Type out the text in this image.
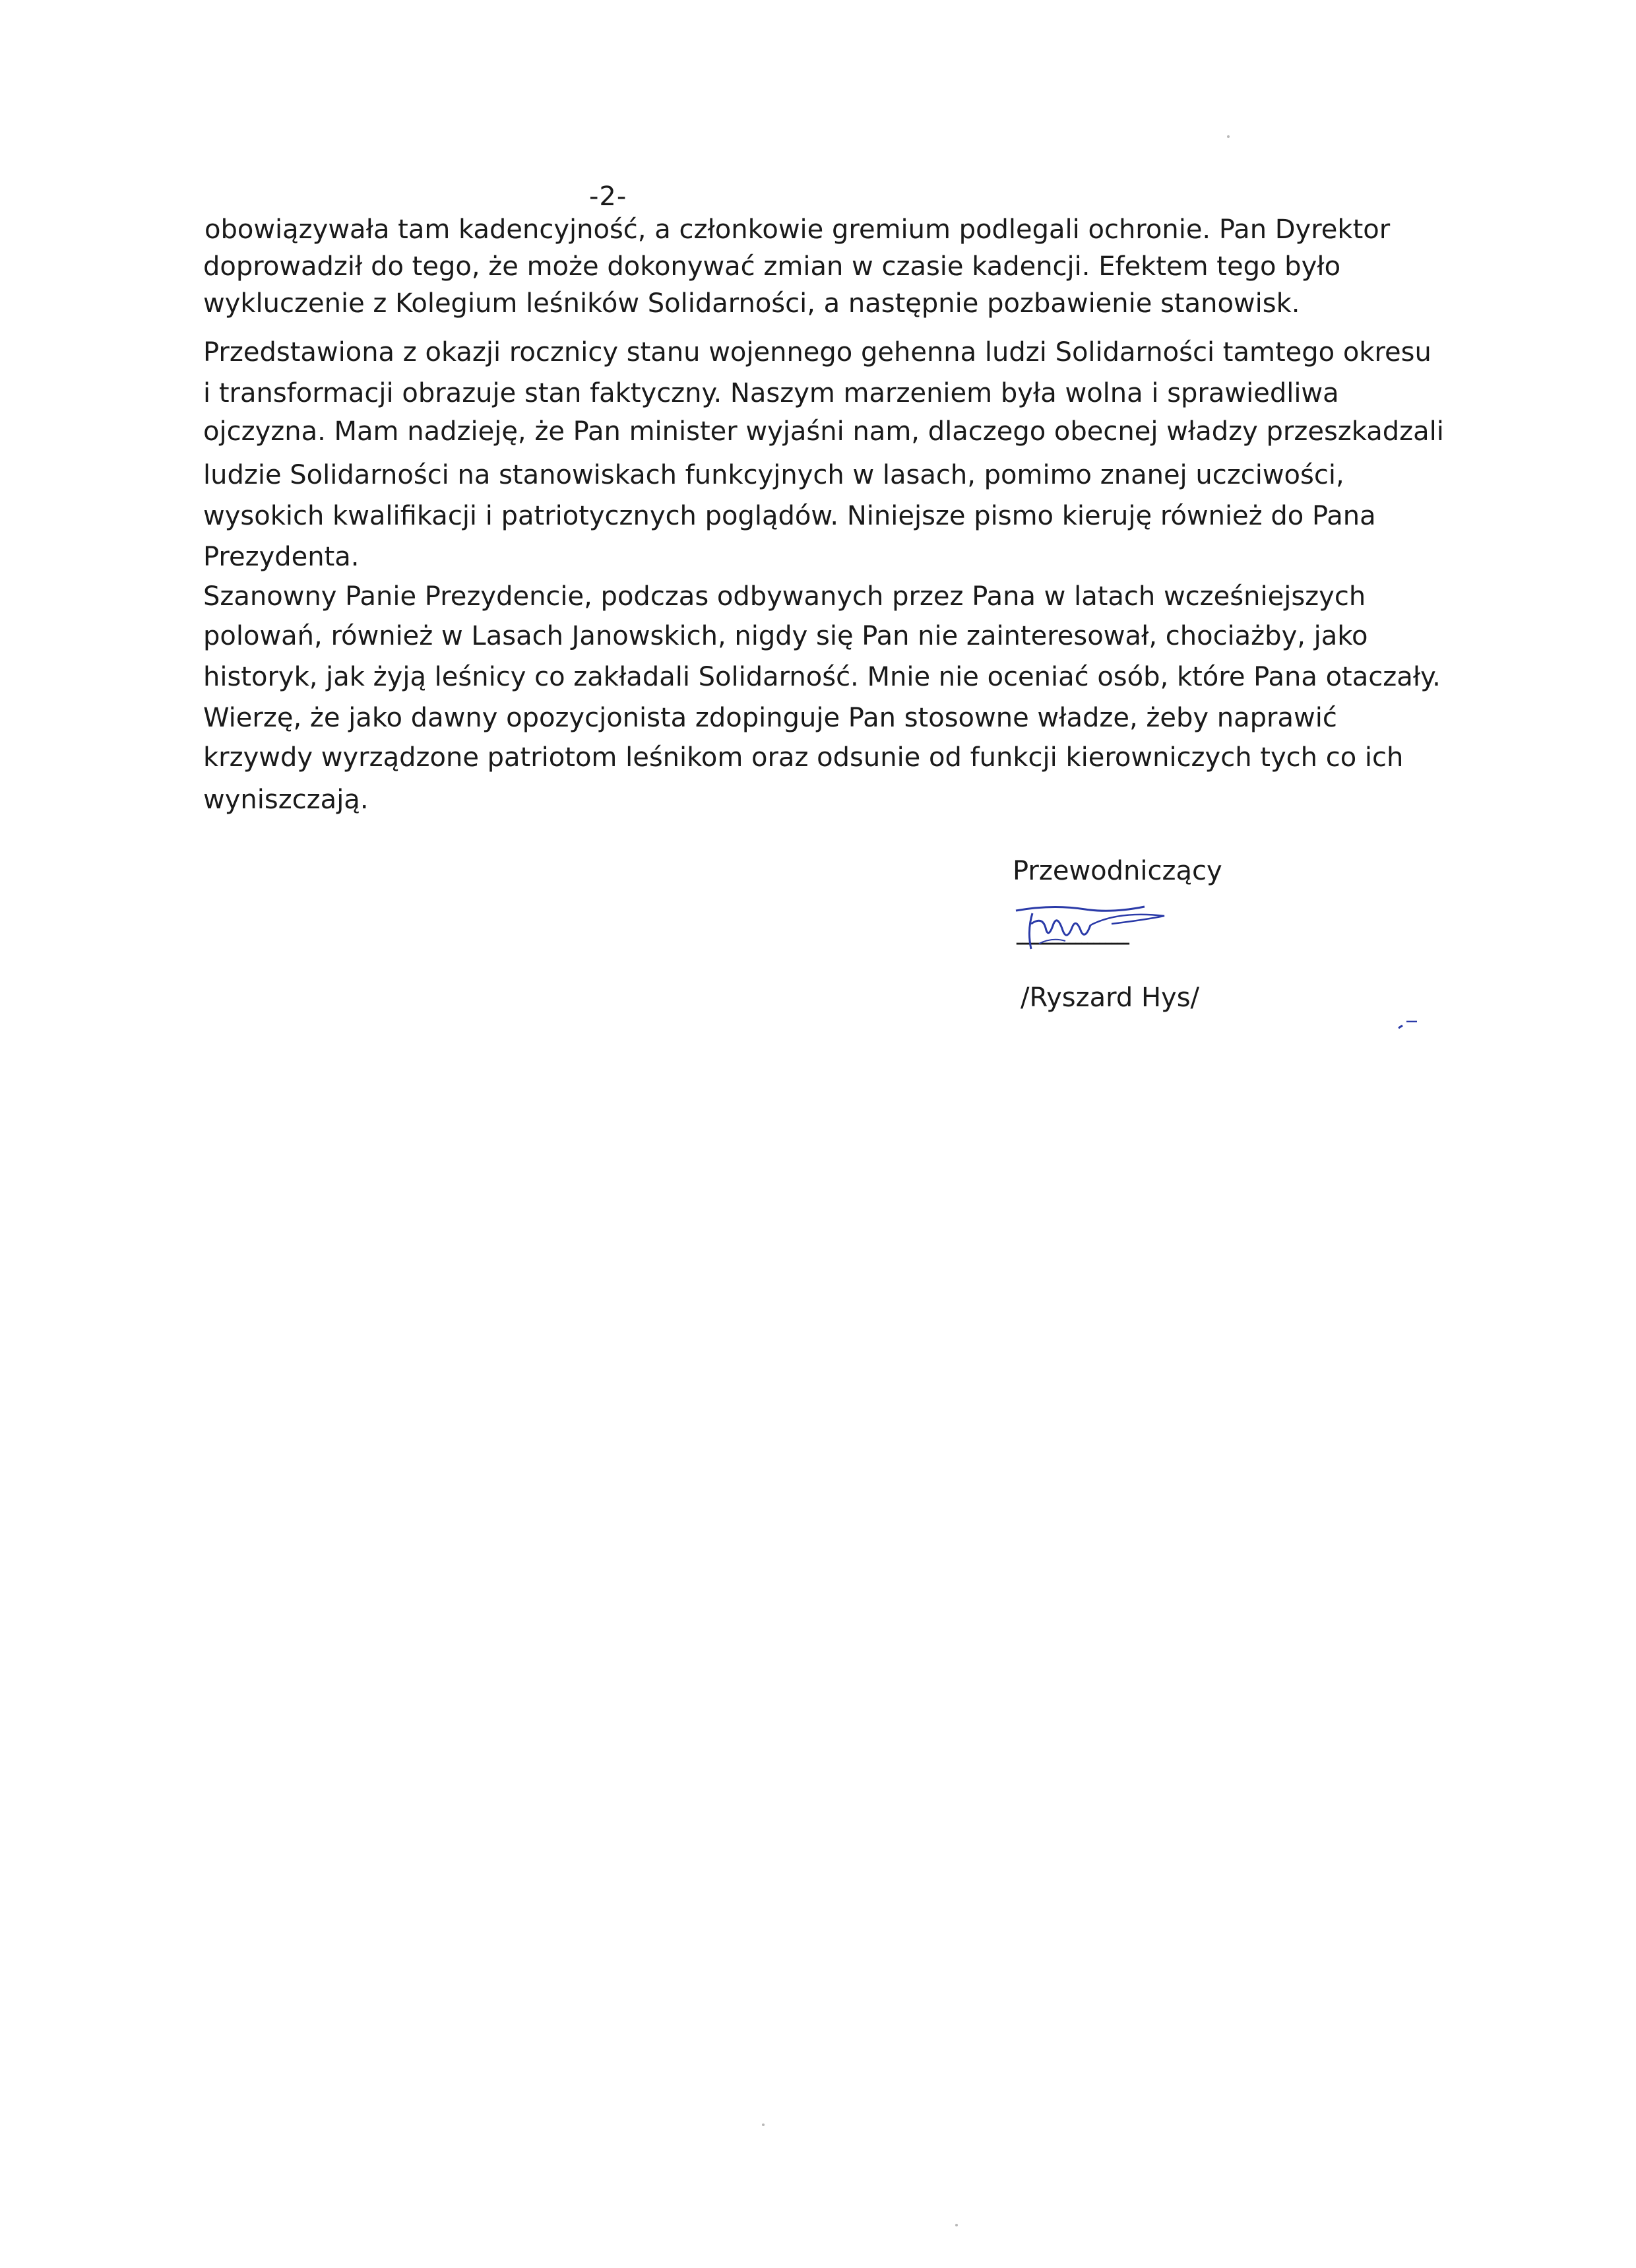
-2-
obowiązywała tam kadencyjność, a członkowie gremium podlegali ochronie. Pan Dyrektor
doprowadził do tego, że może dokonywać zmian w czasie kadencji. Efektem tego było
wykluczenie z Kolegium leśników Solidarności, a następnie pozbawienie stanowisk.
Przedstawiona z okazji rocznicy stanu wojennego gehenna ludzi Solidarności tamtego okresu
i transformacji obrazuje stan faktyczny. Naszym marzeniem była wolna i sprawiedliwa
ojczyzna. Mam nadzieję, że Pan minister wyjaśni nam, dlaczego obecnej władzy przeszkadzali
ludzie Solidarności na stanowiskach funkcyjnych w lasach, pomimo znanej uczciwości,
wysokich kwalifikacji i patriotycznych poglądów. Niniejsze pismo kieruję również do Pana
Prezydenta.
Szanowny Panie Prezydencie, podczas odbywanych przez Pana w latach wcześniejszych
polowań, również w Lasach Janowskich, nigdy się Pan nie zainteresował, chociażby, jako
historyk, jak żyją leśnicy co zakładali Solidarność. Mnie nie oceniać osób, które Pana otaczały.
Wierzę, że jako dawny opozycjonista zdopinguje Pan stosowne władze, żeby naprawić
krzywdy wyrządzone patriotom leśnikom oraz odsunie od funkcji kierowniczych tych co ich
wyniszczają.
Przewodniczący
-------------------
/Ryszard Hys/
